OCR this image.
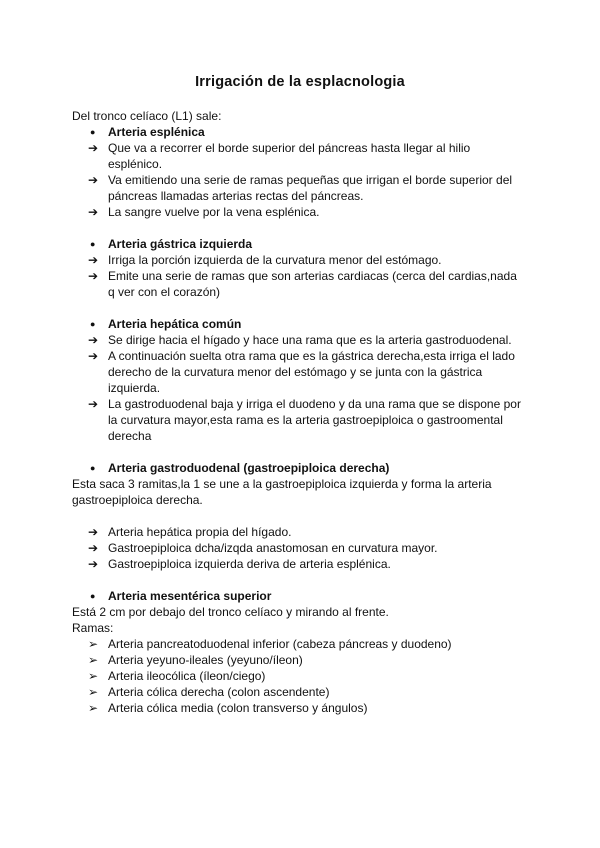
Irrigación de la esplacnologia
Del tronco celíaco (L1) sale:
● Arteria esplénica
➔ Que va a recorrer el borde superior del páncreas hasta llegar al hilio
esplénico.
➔ Va emitiendo una serie de ramas pequeñas que irrigan el borde superior del
páncreas llamadas arterias rectas del páncreas.
➔ La sangre vuelve por la vena esplénica.
● Arteria gástrica izquierda
➔ Irriga la porción izquierda de la curvatura menor del estómago.
➔ Emite una serie de ramas que son arterias cardiacas (cerca del cardias,nada
q ver con el corazón)
● Arteria hepática común
➔ Se dirige hacia el hígado y hace una rama que es la arteria gastroduodenal.
➔ A continuación suelta otra rama que es la gástrica derecha,esta irriga el lado
derecho de la curvatura menor del estómago y se junta con la gástrica
izquierda.
➔ La gastroduodenal baja y irriga el duodeno y da una rama que se dispone por
la curvatura mayor,esta rama es la arteria gastroepiploica o gastroomental
derecha
● Arteria gastroduodenal (gastroepiploica derecha)
Esta saca 3 ramitas,la 1 se une a la gastroepiploica izquierda y forma la arteria
gastroepiploica derecha.
➔ Arteria hepática propia del hígado.
➔ Gastroepiploica dcha/izqda anastomosan en curvatura mayor.
➔ Gastroepiploica izquierda deriva de arteria esplénica.
● Arteria mesentérica superior
Está 2 cm por debajo del tronco celíaco y mirando al frente.
Ramas:
➢ Arteria pancreatoduodenal inferior (cabeza páncreas y duodeno)
➢ Arteria yeyuno-ileales (yeyuno/íleon)
➢ Arteria ileocólica (íleon/ciego)
➢ Arteria cólica derecha (colon ascendente)
➢ Arteria cólica media (colon transverso y ángulos)
